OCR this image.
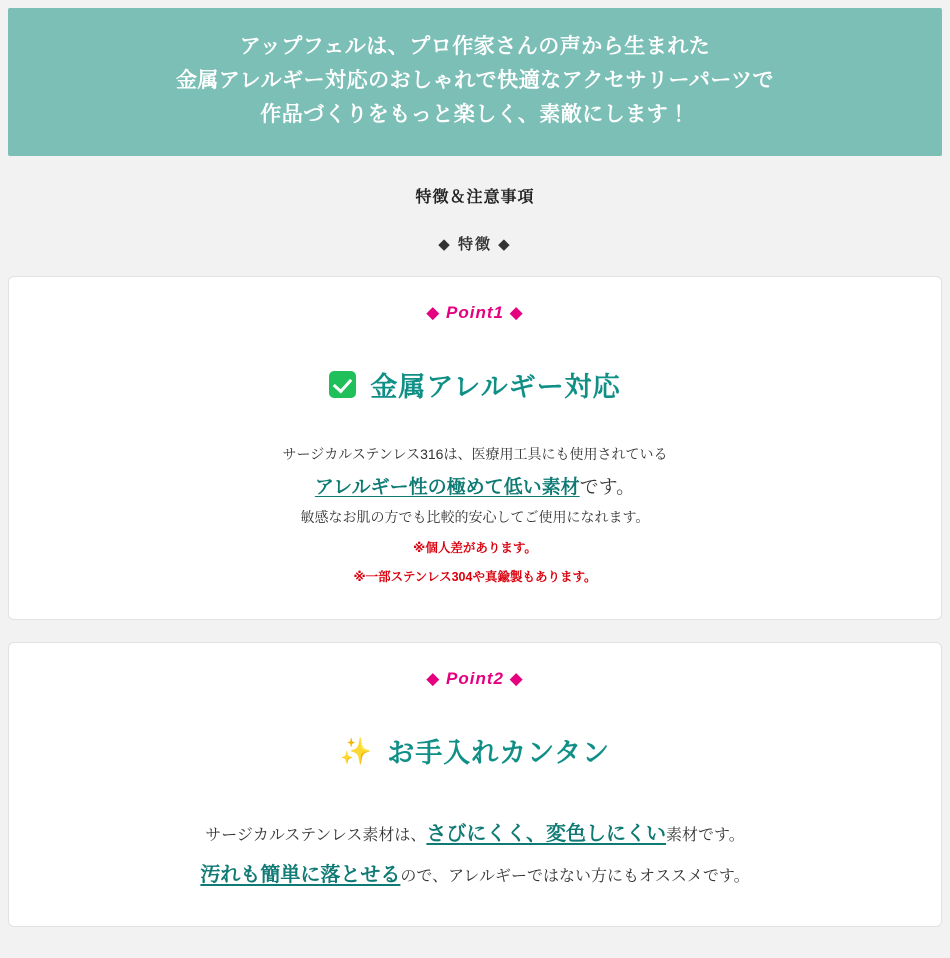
アップフェルは、プロ作家さんの声から生まれた
金属アレルギー対応のおしゃれで快適なアクセサリーパーツで
作品づくりをもっと楽しく、素敵にします！
特徴＆注意事項
◆ 特徴 ◆
◆ Point1 ◆
金属アレルギー対応
サージカルステンレス316は、医療用工具にも使用されている
アレルギー性の極めて低い素材です。
敏感なお肌の方でも比較的安心してご使用になれます。
※個人差があります。
※一部ステンレス304や真鍮製もあります。
◆ Point2 ◆
✨ お手入れカンタン
サージカルステンレス素材は、さびにくく、変色しにくい素材です。
汚れも簡単に落とせるので、アレルギーではない方にもオススメです。
